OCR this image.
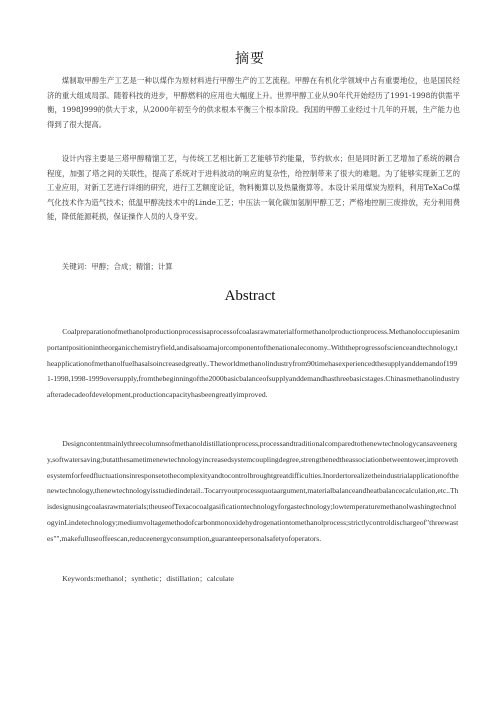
摘要

煤制取甲醇生产工艺是一种以煤作为原材料进行甲醇生产的工艺流程。甲醇在有机化学领域中占有重要地位，也是国民经济的重大组成局部。随着科技的进步，甲醇燃料的应用也大幅度上升。世界甲醇工业从90年代开始经历了1991-1998的供需平衡，1998J999的供大于求，从2000年初至今的供求根本平衡三个根本阶段。我国的甲醇工业经过十几年的开展，生产能力也得到了很大提高。

设计内容主要是三塔甲醇精馏工艺，与传统工艺相比新工艺能够节约能量，节约软水；但是同时新工艺增加了系统的耦合程度，加强了塔之间的关联性，提高了系统对于进料波动的响应的复杂性，给控制带来了很大的难题。为了能够实现新工艺的工业应用，对新工艺进行详细的研究，进行工艺额度论证，物料衡算以及热量衡算等。本设计采用煤炭为原料，利用TeXaCo煤气化技术作为造气技术；低温甲醇洗技术中的Linde工艺；中压法一氧化碳加氢制甲醇工艺；严格地控制三废排放，充分利用费能，降低能源耗损，保证操作人员的人身平安。

关键词：甲醇；合成；精馏；计算

Abstract

Coalpreparationofmethanolproductionprocessisaprocessofcoalasrawmaterialformethanolproductionprocess.Methanoloccupiesanimportantpositionintheorganicchemistryfield,andisalsoamajorcomponentofthenationaleconomy..Withtheprogressofscienceandtechnology,theapplicationofmethanolfuelhasalsoincreasedgreatly..Theworldmethanolindustryfrom90timehasexperiencedthesupplyanddemandof1991-1998,1998-1999oversupply,fromthebeginningofthe2000basicbalanceofsupplyanddemandhasthreebasicstages.Chinasmethanolindustryafteradecadeofdevelopment,productioncapacityhasbeengreatlyimproved.

Designcontentmainlythreecolumnsofmethanoldistillationprocess,processandtraditionalcomparedtothenewtechnologycansaveenergy,softwatersaving;butatthesametimenewtechnologyincreasedsystemcouplingdegree,strengthenedtheassociationbetweentower,improvethesystemforfeedfluctuationsinresponsetothecomplexityandtocontrolbroughtgreatdifficulties.Inordertorealizetheindustrialapplicationofthenewtechnology,thenewtechnologyisstudiedindetail..Tocarryoutprocessquotaargument,materialbalanceandheatbalancecalculation,etc..Thisdesignusingcoalasrawmaterials;theuseofTexacocoalgasificationtechnologyforgastechnology;lowtemperaturemethanolwashingtechnologyinLindetechnology;mediumvoltagemethodofcarbonmonoxidehydrogenationtomethanolprocess;strictlycontroldischargeof"threewastes"",makefulluseoffeescan,reduceenergyconsumption,guaranteepersonalsafetyofoperators.

Keywords:methanol；synthetic；distiIlation；calculate
